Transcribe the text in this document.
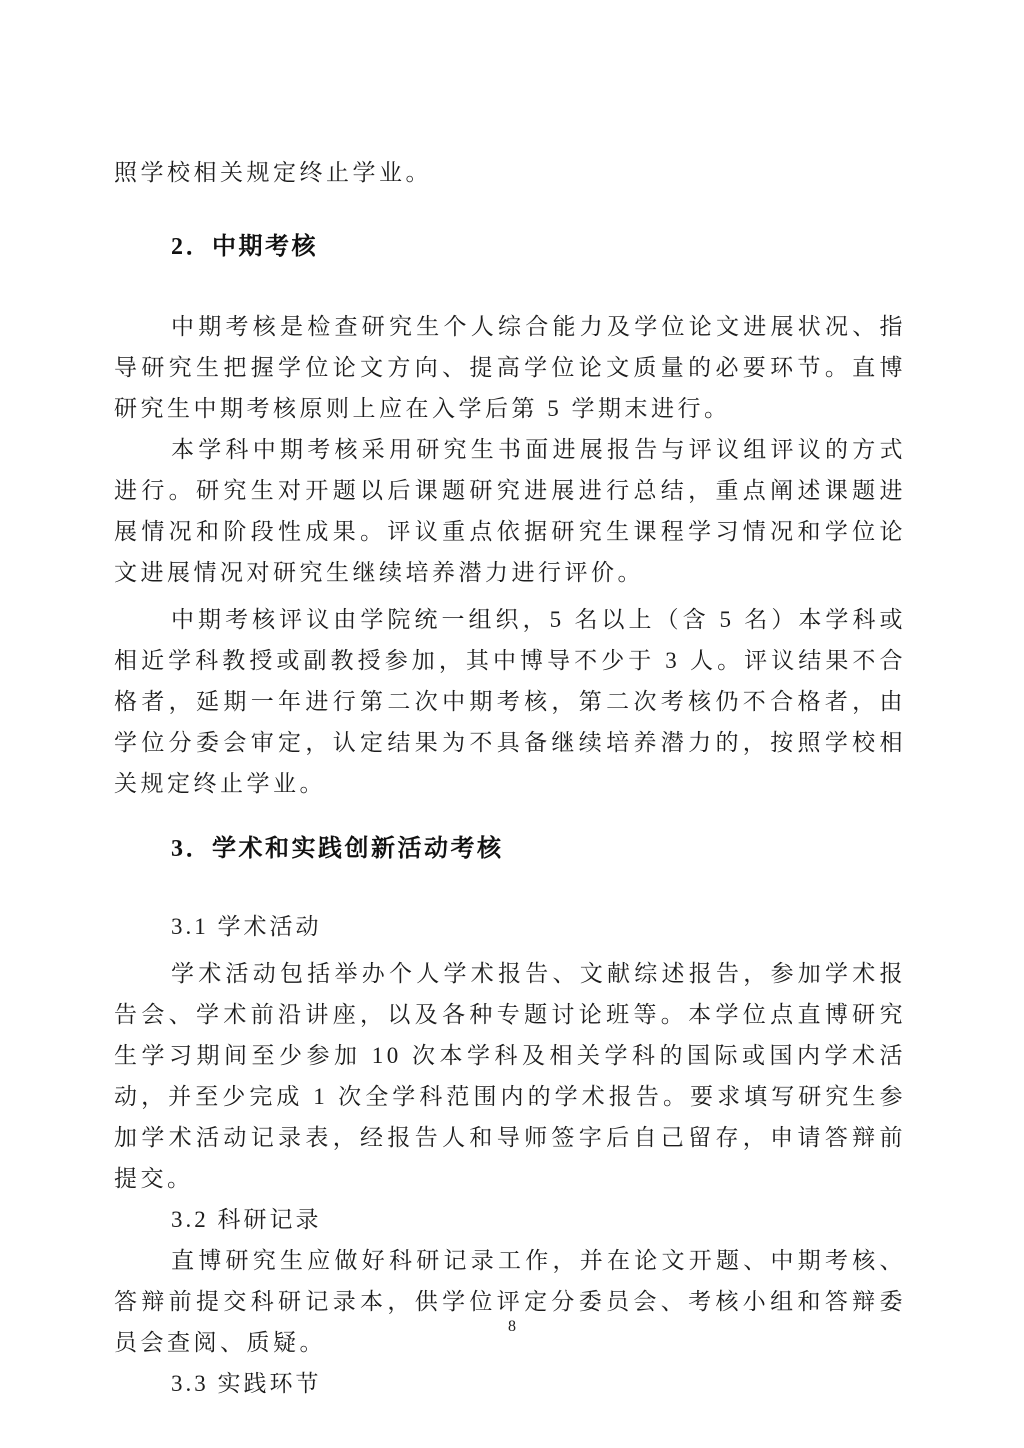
照学校相关规定终止学业。

2．中期考核

中期考核是检查研究生个人综合能力及学位论文进展状况、指导研究生把握学位论文方向、提高学位论文质量的必要环节。直博研究生中期考核原则上应在入学后第 5 学期末进行。

本学科中期考核采用研究生书面进展报告与评议组评议的方式进行。研究生对开题以后课题研究进展进行总结，重点阐述课题进展情况和阶段性成果。评议重点依据研究生课程学习情况和学位论文进展情况对研究生继续培养潜力进行评价。

中期考核评议由学院统一组织，5 名以上（含 5 名）本学科或相近学科教授或副教授参加，其中博导不少于 3 人。评议结果不合格者，延期一年进行第二次中期考核，第二次考核仍不合格者，由学位分委会审定，认定结果为不具备继续培养潜力的，按照学校相关规定终止学业。

3．学术和实践创新活动考核
3.1 学术活动

学术活动包括举办个人学术报告、文献综述报告，参加学术报告会、学术前沿讲座，以及各种专题讨论班等。本学位点直博研究生学习期间至少参加 10 次本学科及相关学科的国际或国内学术活动，并至少完成 1 次全学科范围内的学术报告。要求填写研究生参加学术活动记录表，经报告人和导师签字后自己留存，申请答辩前提交。

3.2 科研记录

直博研究生应做好科研记录工作，并在论文开题、中期考核、答辩前提交科研记录本，供学位评定分委员会、考核小组和答辩委员会查阅、质疑。

3.3 实践环节
8
